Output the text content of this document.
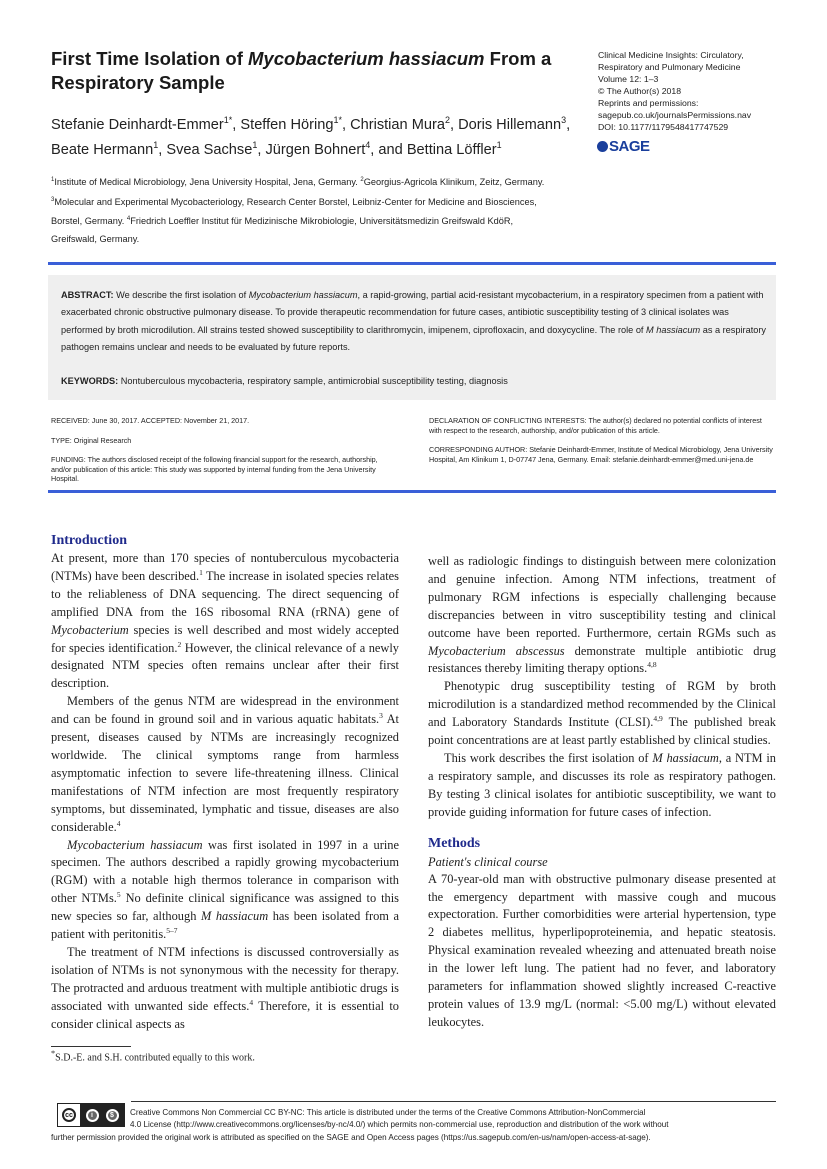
First Time Isolation of Mycobacterium hassiacum From a Respiratory Sample
Stefanie Deinhardt-Emmer$^{1*}$, Steffen Höring$^{1*}$, Christian Mura$^2$, Doris Hillemann$^3$, Beate Hermann$^1$, Svea Sachse$^1$, Jürgen Bohnert$^4$, and Bettina Löffler$^1$
$^1$Institute of Medical Microbiology, Jena University Hospital, Jena, Germany. $^2$Georgius-Agricola Klinikum, Zeitz, Germany. $^3$Molecular and Experimental Mycobacteriology, Research Center Borstel, Leibniz-Center for Medicine and Biosciences, Borstel, Germany. $^4$Friedrich Loeffler Institut für Medizinische Mikrobiologie, Universitätsmedizin Greifswald KdöR, Greifswald, Germany.
Clinical Medicine Insights: Circulatory,
Respiratory and Pulmonary Medicine
Volume 12: 1–3
© The Author(s) 2018
Reprints and permissions:
sagepub.co.uk/journalsPermissions.nav
DOI: 10.1177/1179548417747529
SAGE
ABSTRACT: We describe the first isolation of Mycobacterium hassiacum, a rapid-growing, partial acid-resistant mycobacterium, in a respiratory specimen from a patient with exacerbated chronic obstructive pulmonary disease. To provide therapeutic recommendation for future cases, antibiotic susceptibility testing of 3 clinical isolates was performed by broth microdilution. All strains tested showed susceptibility to clarithromycin, imipenem, ciprofloxacin, and doxycycline. The role of M hassiacum as a respiratory pathogen remains unclear and needs to be evaluated by future reports.
KEYWORDS: Nontuberculous mycobacteria, respiratory sample, antimicrobial susceptibility testing, diagnosis

RECEIVED: June 30, 2017. ACCEPTED: November 21, 2017.

TYPE: Original Research

FUNDING: The authors disclosed receipt of the following financial support for the research, authorship, and/or publication of this article: This study was supported by internal funding from the Jena University Hospital.

DECLARATION OF CONFLICTING INTERESTS: The author(s) declared no potential conflicts of interest with respect to the research, authorship, and/or publication of this article.

CORRESPONDING AUTHOR: Stefanie Deinhardt-Emmer, Institute of Medical Microbiology, Jena University Hospital, Am Klinikum 1, D-07747 Jena, Germany. Email: stefanie.deinhardt-emmer@med.uni-jena.de

Introduction

At present, more than 170 species of nontuberculous mycobacteria (NTMs) have been described.$^1$ The increase in isolated species relates to the reliableness of DNA sequencing. The direct sequencing of amplified DNA from the 16S ribosomal RNA (rRNA) gene of Mycobacterium species is well described and most widely accepted for species identification.$^2$ However, the clinical relevance of a newly designated NTM species often remains unclear after their first description.

Members of the genus NTM are widespread in the environment and can be found in ground soil and in various aquatic habitats.$^3$ At present, diseases caused by NTMs are increasingly recognized worldwide. The clinical symptoms range from harmless asymptomatic infection to severe life-threatening illness. Clinical manifestations of NTM infection are most frequently respiratory symptoms, but disseminated, lymphatic and tissue, diseases are also considerable.$^4$

Mycobacterium hassiacum was first isolated in 1997 in a urine specimen. The authors described a rapidly growing mycobacterium (RGM) with a notable high thermos tolerance in comparison with other NTMs.$^5$ No definite clinical significance was assigned to this new species so far, although M hassiacum has been isolated from a patient with peritonitis.$^{5-7}$

The treatment of NTM infections is discussed controversially as isolation of NTMs is not synonymous with the necessity for therapy. The protracted and arduous treatment with multiple antibiotic drugs is associated with unwanted side effects.$^4$ Therefore, it is essential to consider clinical aspects as

well as radiologic findings to distinguish between mere colonization and genuine infection. Among NTM infections, treatment of pulmonary RGM infections is especially challenging because discrepancies between in vitro susceptibility testing and clinical outcome have been reported. Furthermore, certain RGMs such as Mycobacterium abscessus demonstrate multiple antibiotic drug resistances thereby limiting therapy options.$^{4,8}$

Phenotypic drug susceptibility testing of RGM by broth microdilution is a standardized method recommended by the Clinical and Laboratory Standards Institute (CLSI).$^{4,9}$ The published break point concentrations are at least partly established by clinical studies.

This work describes the first isolation of M hassiacum, a NTM in a respiratory sample, and discusses its role as respiratory pathogen. By testing 3 clinical isolates for antibiotic susceptibility, we want to provide guiding information for future cases of infection.

Methods

Patient's clinical course

A 70-year-old man with obstructive pulmonary disease presented at the emergency department with massive cough and mucous expectoration. Further comorbidities were arterial hypertension, type 2 diabetes mellitus, hyperlipoproteinemia, and hepatic steatosis. Physical examination revealed wheezing and attenuated breath noise in the lower left lung. The patient had no fever, and laboratory parameters for inflammation showed slightly increased C-reactive protein values of 13.9 mg/L (normal: <5.00 mg/L) without elevated leukocytes.

*S.D.-E. and S.H. contributed equally to this work.
cc	i	$	Creative Commons Non Commercial CC BY-NC: This article is distributed under the terms of the Creative Commons Attribution-NonCommercial
4.0 License (http://www.creativecommons.org/licenses/by-nc/4.0/) which permits non-commercial use, reproduction and distribution of the work without
further permission provided the original work is attributed as specified on the SAGE and Open Access pages (https://us.sagepub.com/en-us/nam/open-access-at-sage).
